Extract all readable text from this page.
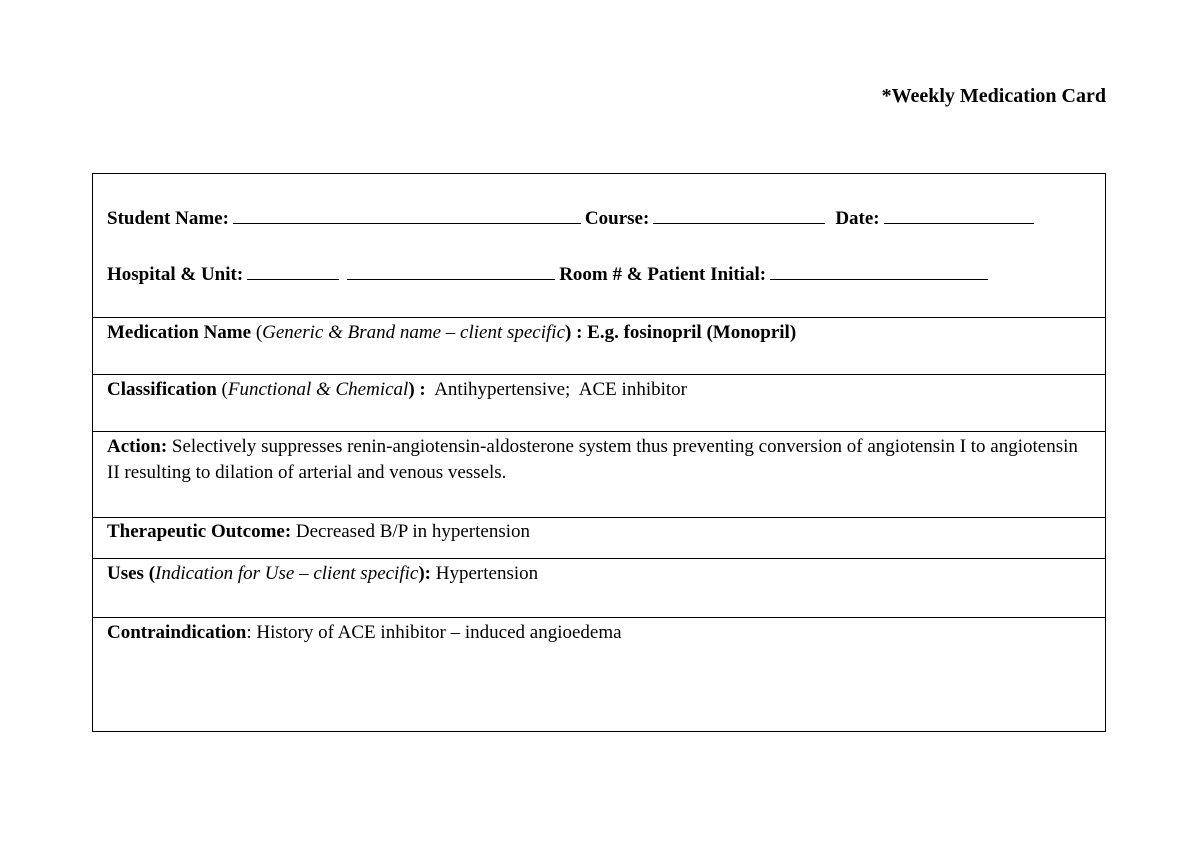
*Weekly Medication Card
Student Name:	Course:	Date:
Hospital & Unit:	Room # & Patient Initial:
Medication Name (Generic & Brand name – client specific) : E.g. fosinopril (Monopril)
Classification (Functional & Chemical) :  Antihypertensive;  ACE inhibitor
Action: Selectively suppresses renin-angiotensin-aldosterone system thus preventing conversion of angiotensin I to angiotensin II resulting to dilation of arterial and venous vessels.
Therapeutic Outcome: Decreased B/P in hypertension
Uses (Indication for Use – client specific): Hypertension
Contraindication: History of ACE inhibitor – induced angioedema
